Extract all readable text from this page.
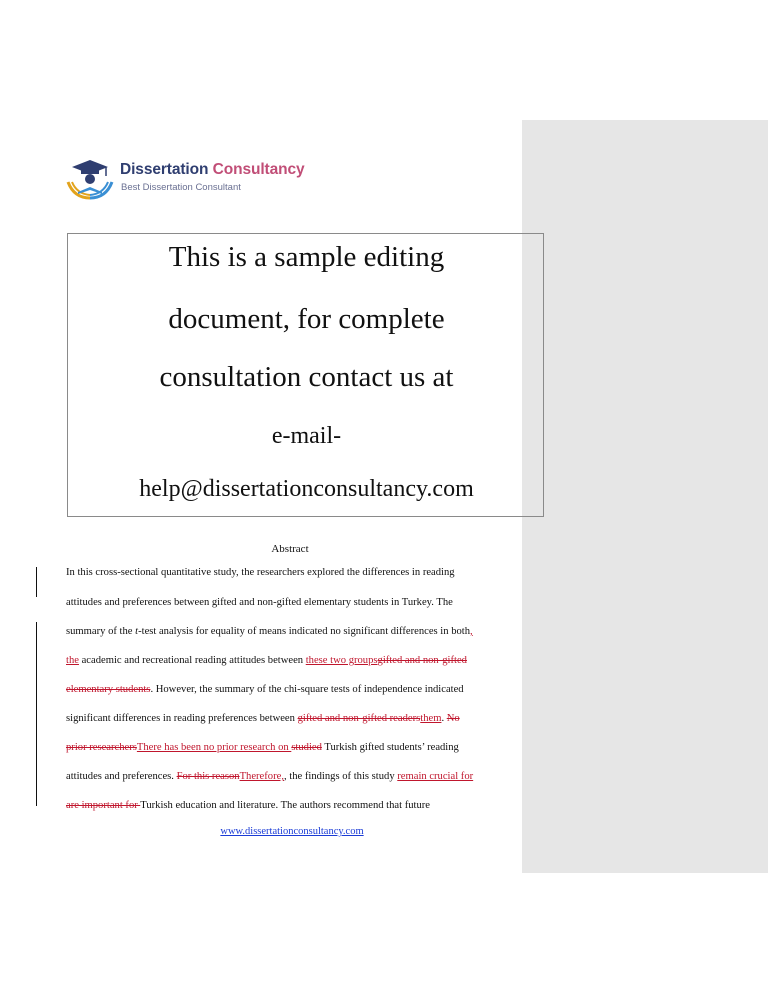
Dissertation Consultancy
Best Dissertation Consultant
This is a sample editing
document, for complete
consultation contact us at
e-mail-
help@dissertationconsultancy.com
Abstract
In this cross-sectional quantitative study, the researchers explored the differences in reading
attitudes and preferences between gifted and non-gifted elementary students in Turkey. The
summary of the t-test analysis for equality of means indicated no significant differences in both,
the academic and recreational reading attitudes between these two groupsgifted and non-gifted
elementary students. However, the summary of the chi-square tests of independence indicated
significant differences in reading preferences between gifted and non-gifted readersthem. No
prior researchersThere has been no prior research on studied Turkish gifted students’ reading
attitudes and preferences. For this reasonTherefore,, the findings of this study remain crucial for
are important for Turkish education and literature. The authors recommend that future
www.dissertationconsultancy.com
